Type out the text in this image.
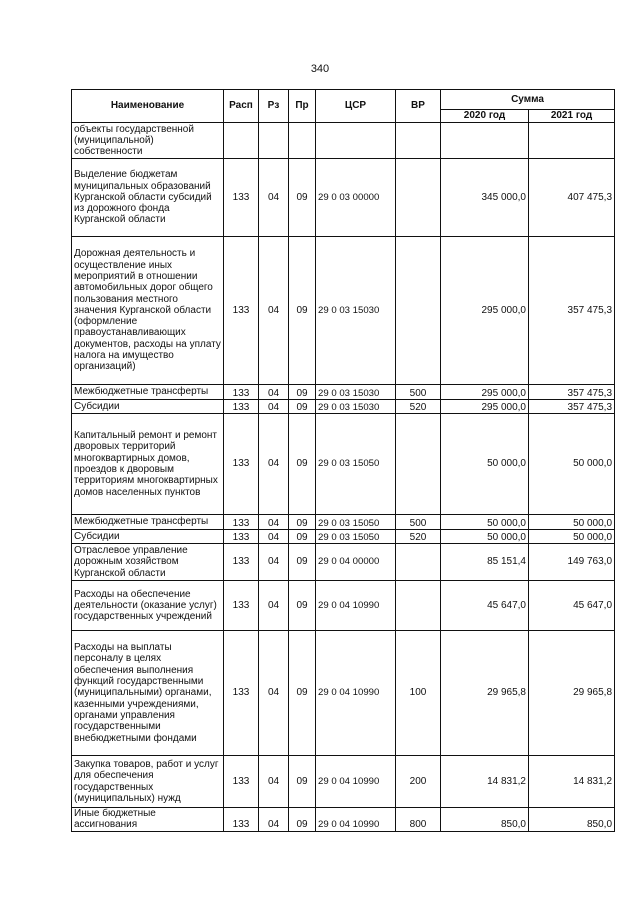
340
Наименование	Расп	Рз	Пр	ЦСР	ВР	Сумма	
						2020 год	2021 год
объекты государственной (муниципальной) собственности							
Выделение бюджетам муниципальных образований Курганской области субсидий из дорожного фонда Курганской области	133	04	09	29 0 03 00000		345 000,0	407 475,3
Дорожная деятельность и осуществление иных мероприятий в отношении автомобильных дорог общего пользования местного значения Курганской области (оформление правоустанавливающих документов, расходы на уплату налога на имущество организаций)	133	04	09	29 0 03 15030		295 000,0	357 475,3
Межбюджетные трансферты	133	04	09	29 0 03 15030	500	295 000,0	357 475,3
Субсидии	133	04	09	29 0 03 15030	520	295 000,0	357 475,3
Капитальный ремонт и ремонт дворовых территорий многоквартирных домов, проездов к дворовым территориям многоквартирных домов населенных пунктов	133	04	09	29 0 03 15050		50 000,0	50 000,0
Межбюджетные трансферты	133	04	09	29 0 03 15050	500	50 000,0	50 000,0
Субсидии	133	04	09	29 0 03 15050	520	50 000,0	50 000,0
Отраслевое управление дорожным хозяйством Курганской области	133	04	09	29 0 04 00000		85 151,4	149 763,0
Расходы на обеспечение деятельности (оказание услуг) государственных учреждений	133	04	09	29 0 04 10990		45 647,0	45 647,0
Расходы на выплаты персоналу в целях обеспечения выполнения функций государственными (муниципальными) органами, казенными учреждениями, органами управления государственными внебюджетными фондами	133	04	09	29 0 04 10990	100	29 965,8	29 965,8
Закупка товаров, работ и услуг для обеспечения государственных (муниципальных) нужд	133	04	09	29 0 04 10990	200	14 831,2	14 831,2
Иные бюджетные ассигнования	133	04	09	29 0 04 10990	800	850,0	850,0
